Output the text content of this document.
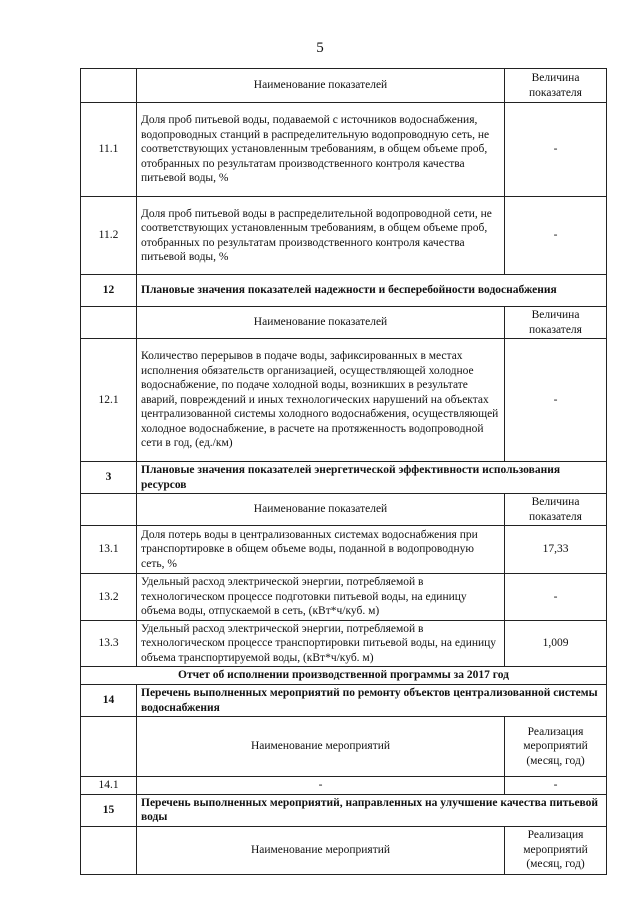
5
	Наименование показателей	Величина показателя
11.1	Доля проб питьевой воды, подаваемой с источников водоснабжения, водопроводных станций в распределительную водопроводную сеть, не соответствующих установленным требованиям, в общем объеме проб, отобранных по результатам производственного контроля качества питьевой воды, %	-
11.2	Доля проб питьевой воды в распределительной водопроводной сети, не соответствующих установленным требованиям, в общем объеме проб, отобранных по результатам производственного контроля качества питьевой воды, %	-
12	Плановые значения показателей надежности и бесперебойности водоснабжения	
	Наименование показателей	Величина показателя
12.1	Количество перерывов в подаче воды, зафиксированных в местах исполнения обязательств организацией, осуществляющей холодное водоснабжение, по подаче холодной воды, возникших в результате аварий, повреждений и иных технологических нарушений на объектах централизованной системы холодного водоснабжения, осуществляющей холодное водоснабжение, в расчете на протяженность водопроводной сети в год, (ед./км)	-
3	Плановые значения показателей энергетической эффективности использования ресурсов	
	Наименование показателей	Величина показателя
13.1	Доля потерь воды в централизованных системах водоснабжения при транспортировке в общем объеме воды, поданной в водопроводную сеть, %	17,33
13.2	Удельный расход электрической энергии, потребляемой в технологическом процессе подготовки питьевой воды, на единицу объема воды, отпускаемой в сеть, (кВт*ч/куб. м)	-
13.3	Удельный расход электрической энергии, потребляемой в технологическом процессе транспортировки питьевой воды, на единицу объема транспортируемой воды, (кВт*ч/куб. м)	1,009
Отчет об исполнении производственной программы за 2017 год		
14	Перечень выполненных мероприятий по ремонту объектов централизованной системы водоснабжения	
	Наименование мероприятий	Реализация мероприятий (месяц, год)
14.1	-	-
15	Перечень выполненных мероприятий, направленных на улучшение качества питьевой воды	
	Наименование мероприятий	Реализация мероприятий (месяц, год)
